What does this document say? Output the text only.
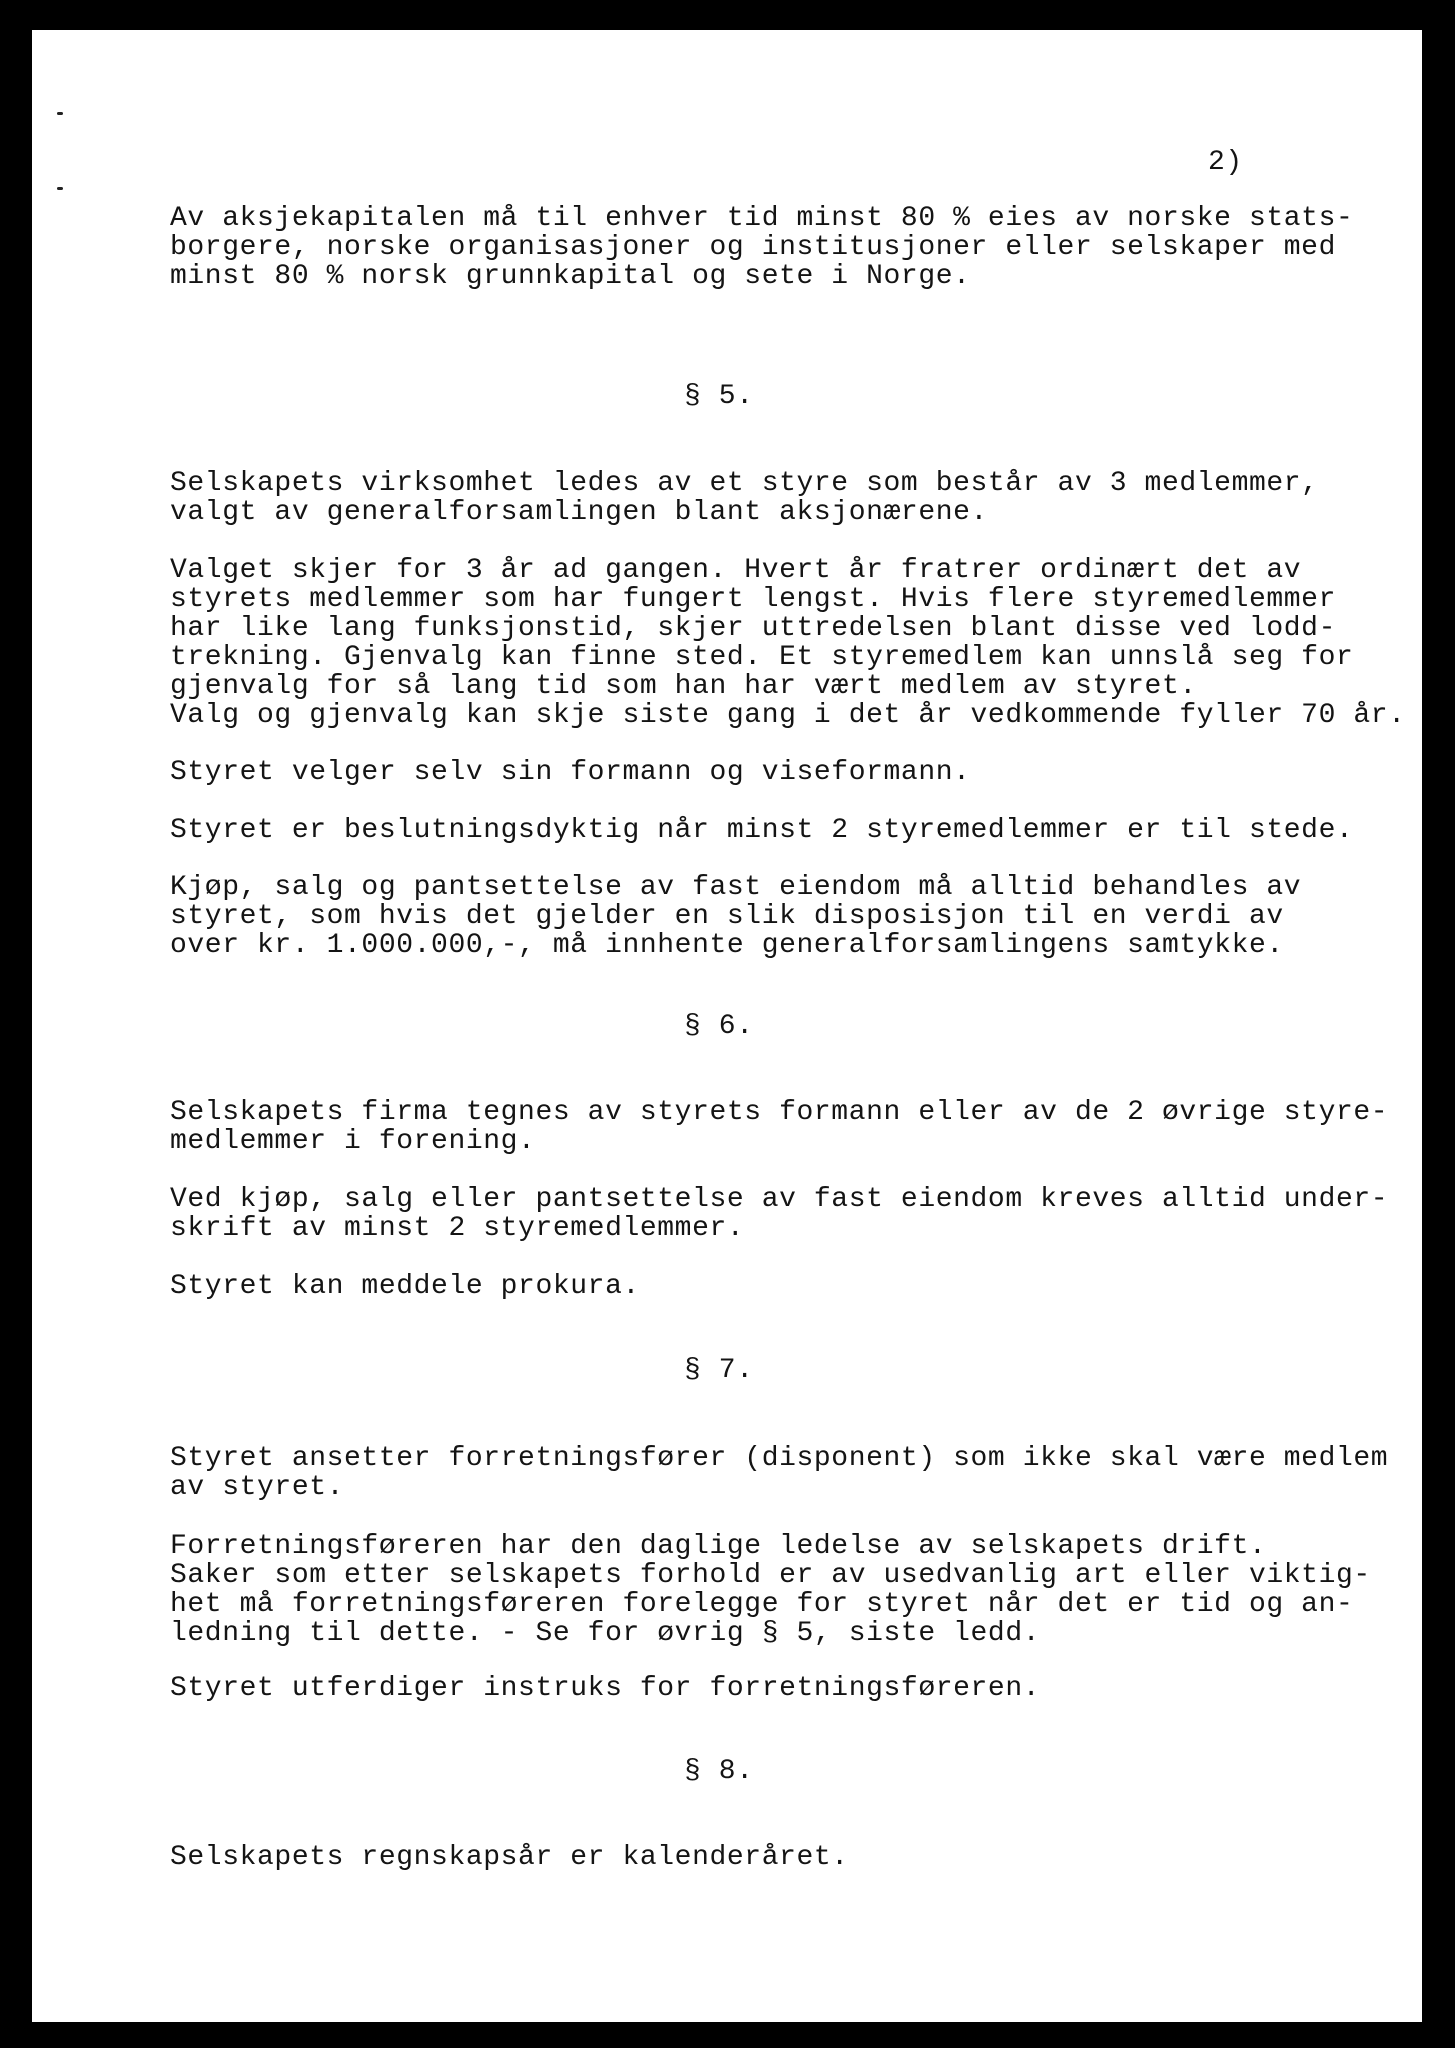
2)

Av aksjekapitalen må til enhver tid minst 80 % eies av norske stats-
borgere, norske organisasjoner og institusjoner eller selskaper med
minst 80 % norsk grunnkapital og sete i Norge.

§ 5.

Selskapets virksomhet ledes av et styre som består av 3 medlemmer,
valgt av generalforsamlingen blant aksjonærene.

Valget skjer for 3 år ad gangen. Hvert år fratrer ordinært det av
styrets medlemmer som har fungert lengst. Hvis flere styremedlemmer
har like lang funksjonstid, skjer uttredelsen blant disse ved lodd-
trekning. Gjenvalg kan finne sted. Et styremedlem kan unnslå seg for
gjenvalg for så lang tid som han har vært medlem av styret.
Valg og gjenvalg kan skje siste gang i det år vedkommende fyller 70 år.

Styret velger selv sin formann og viseformann.

Styret er beslutningsdyktig når minst 2 styremedlemmer er til stede.

Kjøp, salg og pantsettelse av fast eiendom må alltid behandles av
styret, som hvis det gjelder en slik disposisjon til en verdi av
over kr. 1.000.000,-, må innhente generalforsamlingens samtykke.

§ 6.

Selskapets firma tegnes av styrets formann eller av de 2 øvrige styre-
medlemmer i forening.

Ved kjøp, salg eller pantsettelse av fast eiendom kreves alltid under-
skrift av minst 2 styremedlemmer.

Styret kan meddele prokura.

§ 7.

Styret ansetter forretningsfører (disponent) som ikke skal være medlem
av styret.

Forretningsføreren har den daglige ledelse av selskapets drift.
Saker som etter selskapets forhold er av usedvanlig art eller viktig-
het må forretningsføreren forelegge for styret når det er tid og an-
ledning til dette. - Se for øvrig § 5, siste ledd.

Styret utferdiger instruks for forretningsføreren.

§ 8.

Selskapets regnskapsår er kalenderåret.
